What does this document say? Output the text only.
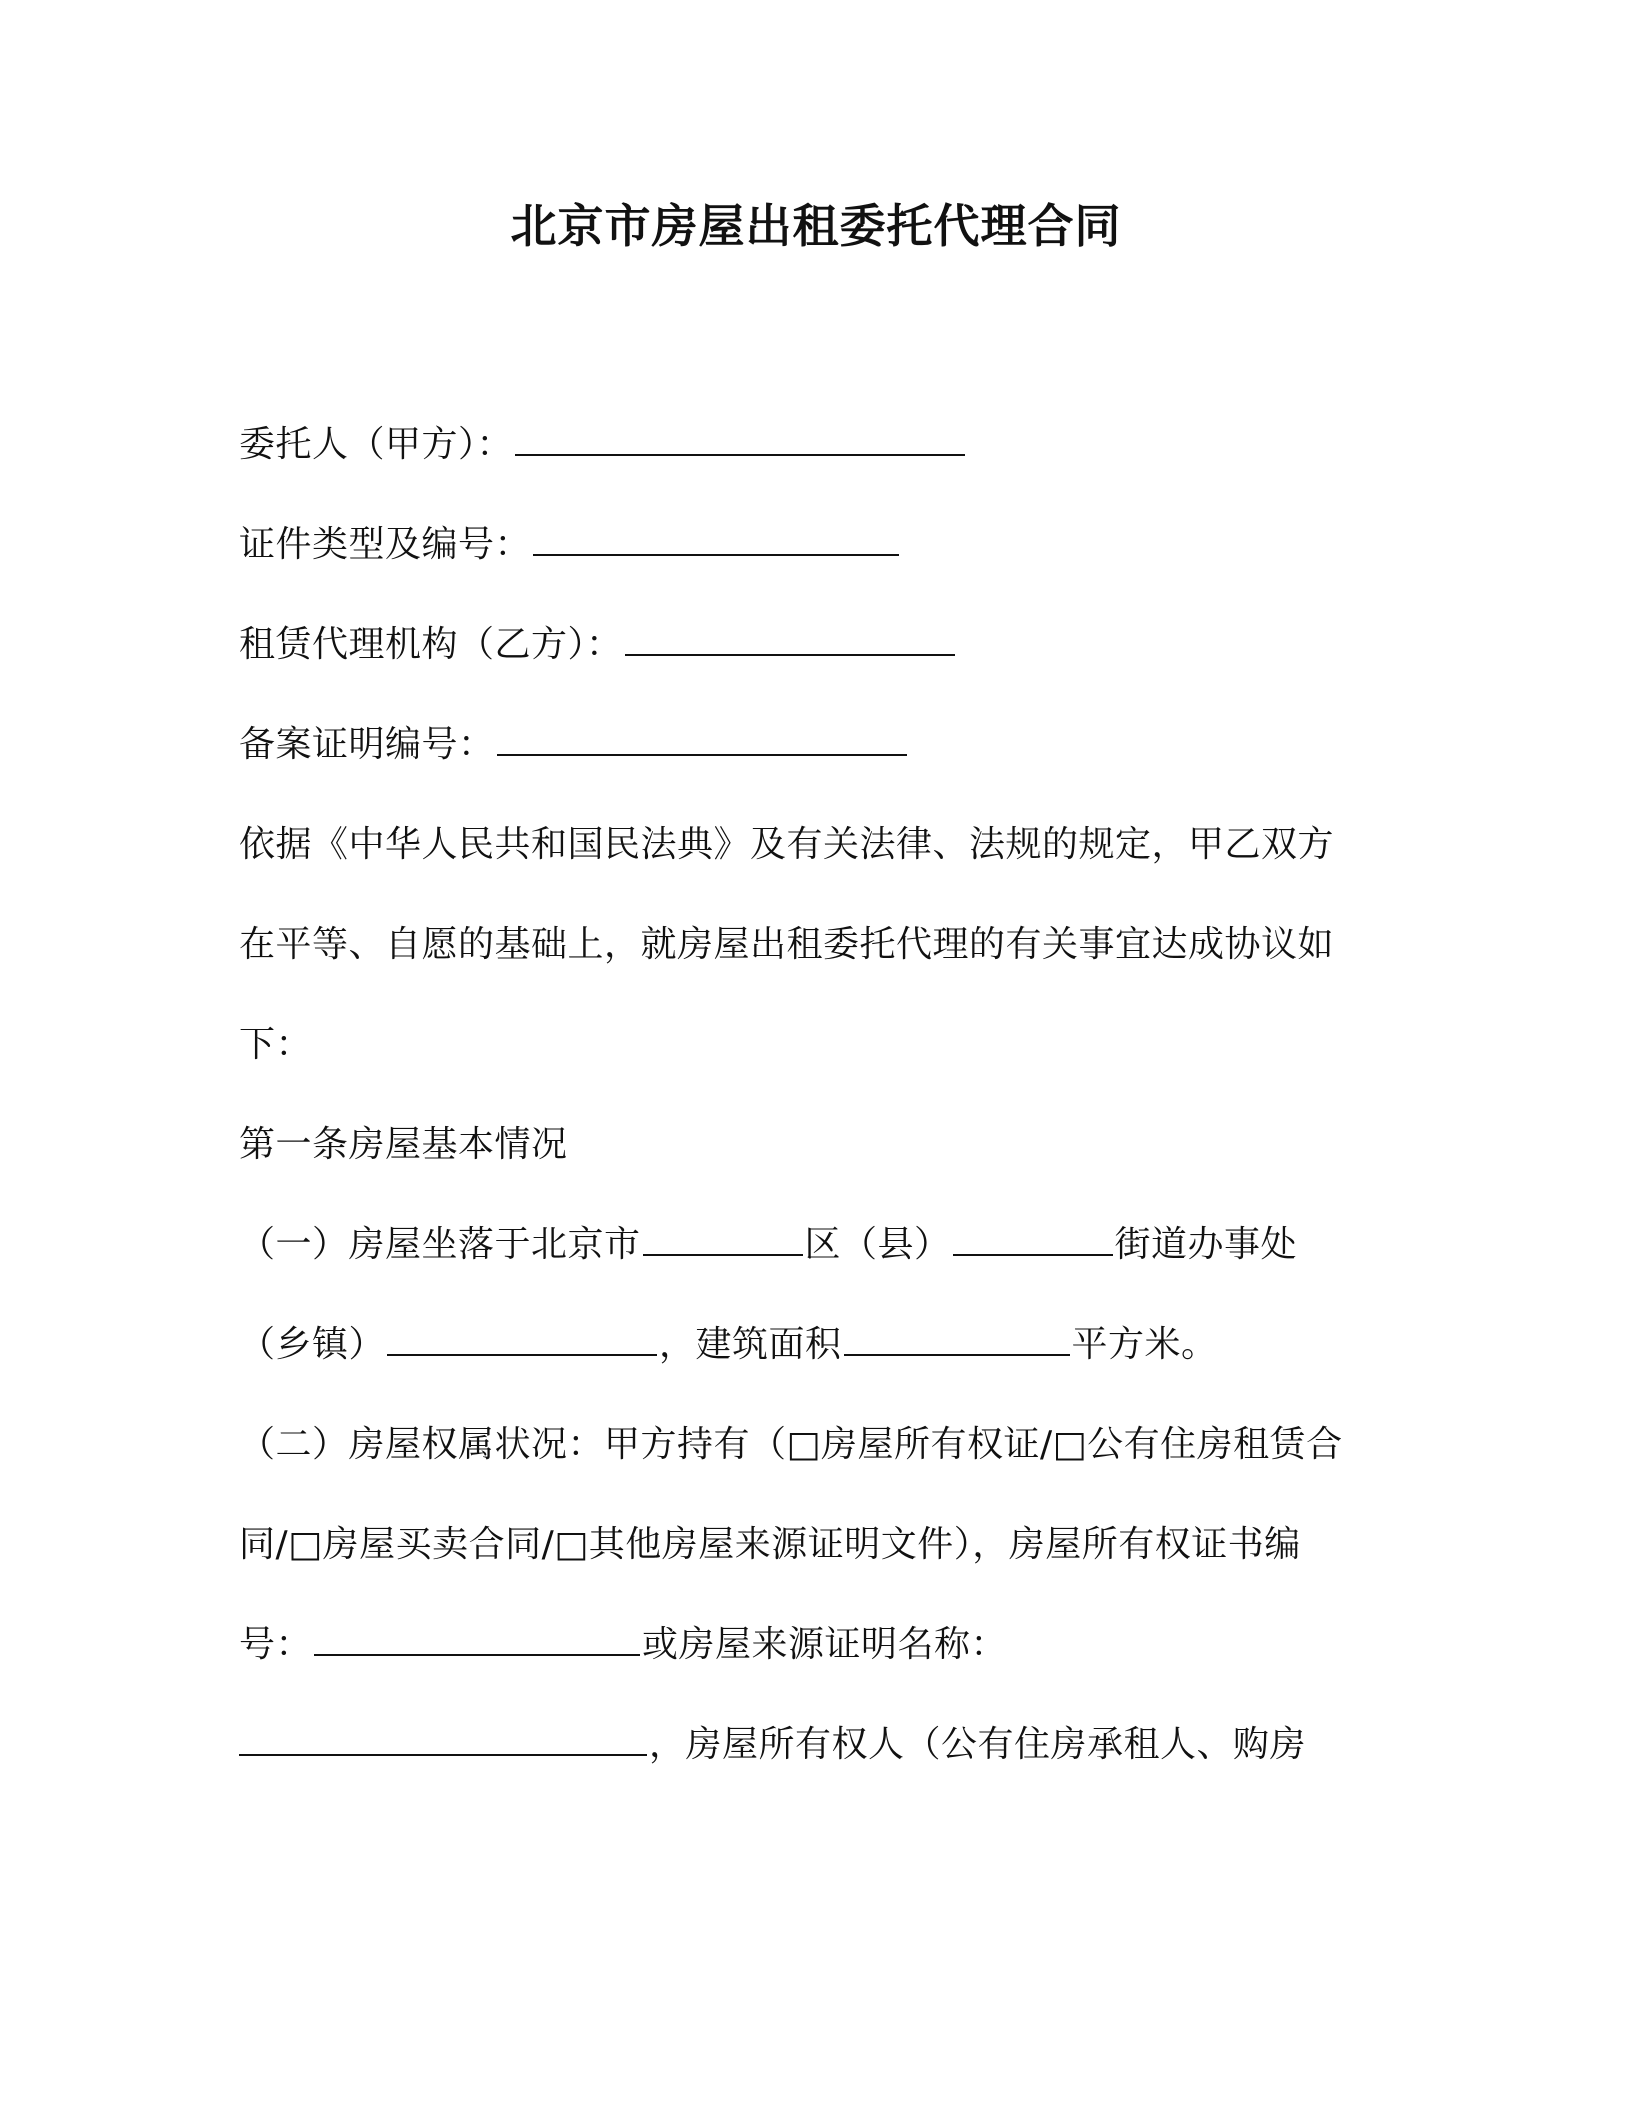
北京市房屋出租委托代理合同
委托人（甲方）：
证件类型及编号：
租赁代理机构（乙方）：
备案证明编号：
依据《中华人民共和国民法典》及有关法律、法规的规定，甲乙双方
在平等、自愿的基础上，就房屋出租委托代理的有关事宜达成协议如
下：
第一条房屋基本情况
（一）房屋坐落于北京市	区（县）	街道办事处
（乡镇）	，建筑面积	平方米。
（二）房屋权属状况：甲方持有（□房屋所有权证/□公有住房租赁合
同/□房屋买卖合同/□其他房屋来源证明文件），房屋所有权证书编
号：	或房屋来源证明名称：
，房屋所有权人（公有住房承租人、购房
